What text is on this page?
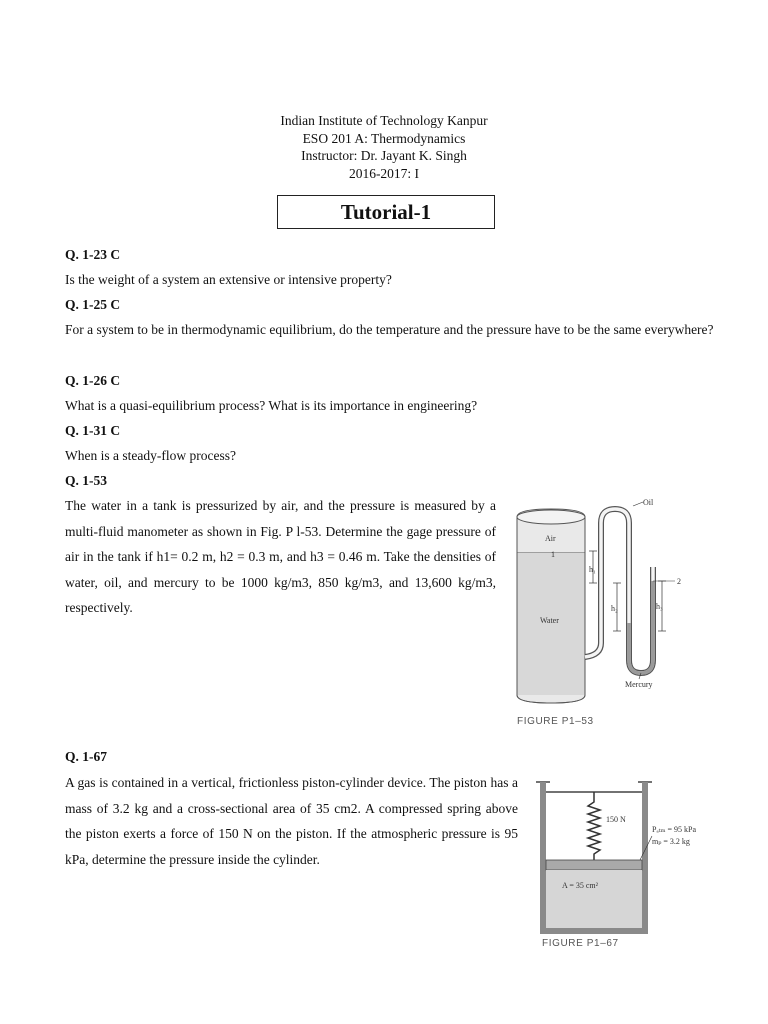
Indian Institute of Technology Kanpur
ESO 201 A: Thermodynamics
Instructor: Dr. Jayant K. Singh
2016-2017: I
Tutorial-1
Q. 1-23 C
Is the weight of a system an extensive or intensive property?
Q. 1-25 C
For a system to be in thermodynamic equilibrium, do the temperature and the pressure have to be the same everywhere?
Q. 1-26 C
What is a quasi-equilibrium process? What is its importance in engineering?
Q. 1-31 C
When is a steady-flow process?
Q. 1-53
The water in a tank is pressurized by air, and the pressure is measured by a multi-fluid manometer as shown in Fig. P l-53. Determine the gage pressure of air in the tank if h1= 0.2 m, h2 = 0.3 m, and h3 = 0.46 m. Take the densities of water, oil, and mercury to be 1000 kg/m3, 850 kg/m3, and 13,600 kg/m3, respectively.
Air
Water
1
h₁
h₂	h₃
2
Oil
Mercury
FIGURE P1–53
Q. 1-67
A gas is contained in a vertical, frictionless piston-cylinder device. The piston has a mass of 3.2 kg and a cross-sectional area of 35 cm2. A compressed spring above the piston exerts a force of 150 N on the piston. If the atmospheric pressure is 95 kPa, determine the pressure inside the cylinder.
150 N
A = 35 cm²
Pₐₜₘ = 95 kPa
mₚ = 3.2 kg
FIGURE P1–67
